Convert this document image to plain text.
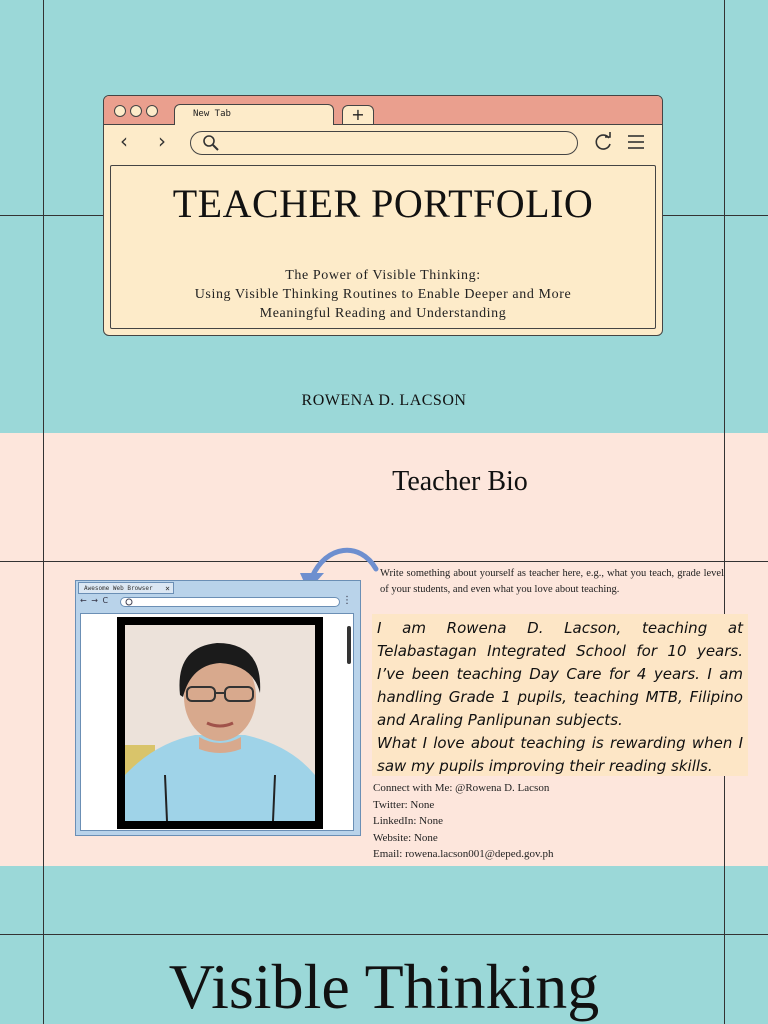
New Tab	+
‹ ›
TEACHER PORTFOLIO
The Power of Visible Thinking:
Using Visible Thinking Routines to Enable Deeper and More
Meaningful Reading and Understanding
ROWENA D. LACSON
Teacher Bio
Awesome Web Browser ×
← → C	⋮
Write something about yourself as teacher here, e.g., what you teach, grade level of your students, and even what you love about teaching.
I am Rowena D. Lacson, teaching at Telabastagan Integrated School for 10 years. I’ve been teaching Day Care for 4 years. I am handling Grade 1 pupils, teaching MTB, Filipino and Araling Panlipunan subjects.
What I love about teaching is rewarding when I saw my pupils improving their reading skills.
Connect with Me: @Rowena D. Lacson
Twitter: None
LinkedIn: None
Website: None
Email: rowena.lacson001@deped.gov.ph
Visible Thinking
